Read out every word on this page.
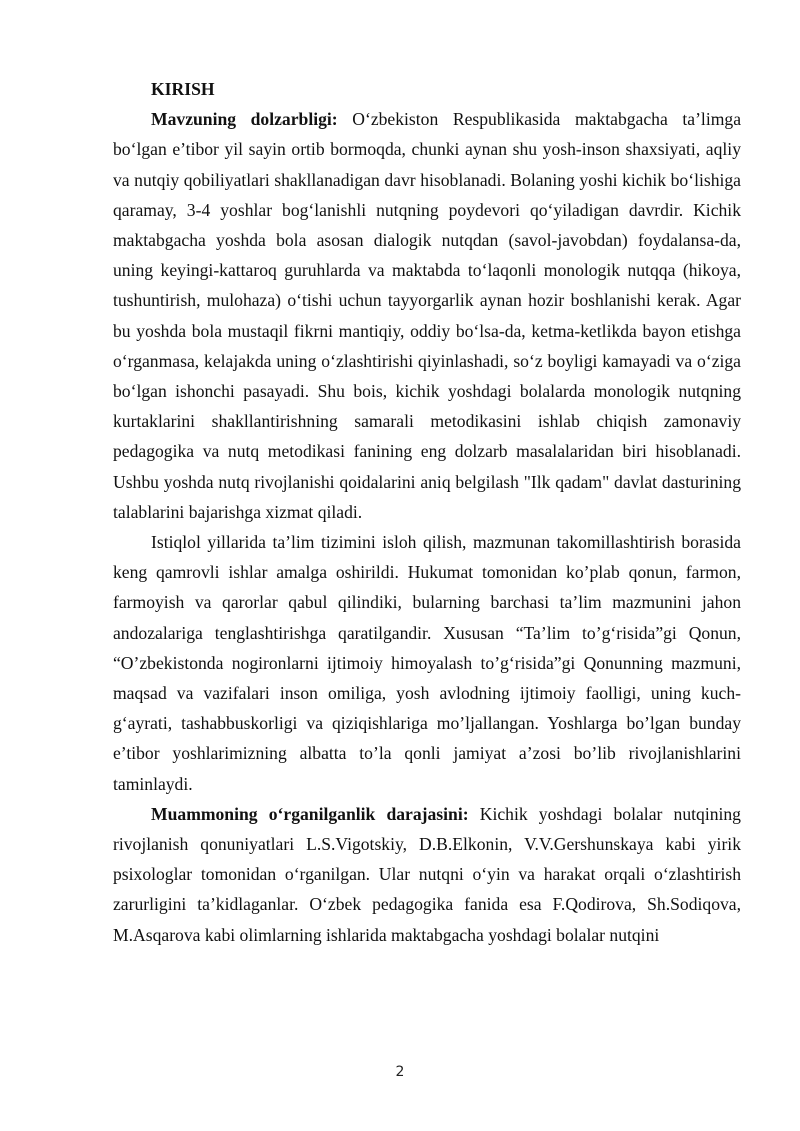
KIRISH

Mavzuning dolzarbligi: O‘zbekiston Respublikasida maktabgacha ta’limga bo‘lgan e’tibor yil sayin ortib bormoqda, chunki aynan shu yosh-inson shaxsiyati, aqliy va nutqiy qobiliyatlari shakllanadigan davr hisoblanadi. Bolaning yoshi kichik bo‘lishiga qaramay, 3-4 yoshlar bog‘lanishli nutqning poydevori qo‘yiladigan davrdir. Kichik maktabgacha yoshda bola asosan dialogik nutqdan (savol-javobdan) foydalansa-da, uning keyingi-kattaroq guruhlarda va maktabda to‘laqonli monologik nutqqa (hikoya, tushuntirish, mulohaza) o‘tishi uchun tayyorgarlik aynan hozir boshlanishi kerak. Agar bu yoshda bola mustaqil fikrni mantiqiy, oddiy bo‘lsa-da, ketma-ketlikda bayon etishga o‘rganmasa, kelajakda uning o‘zlashtirishi qiyinlashadi, so‘z boyligi kamayadi va o‘ziga bo‘lgan ishonchi pasayadi. Shu bois, kichik yoshdagi bolalarda monologik nutqning kurtaklarini shakllantirishning samarali metodikasini ishlab chiqish zamonaviy pedagogika va nutq metodikasi fanining eng dolzarb masalalaridan biri hisoblanadi. Ushbu yoshda nutq rivojlanishi qoidalarini aniq belgilash "Ilk qadam" davlat dasturining talablarini bajarishga xizmat qiladi.

Istiqlol yillarida ta’lim tizimini isloh qilish, mazmunan takomillashtirish borasida keng qamrovli ishlar amalga oshirildi. Hukumat tomonidan ko’plab qonun, farmon, farmoyish va qarorlar qabul qilindiki, bularning barchasi ta’lim mazmunini jahon andozalariga tenglashtirishga qaratilgandir. Xususan “Ta’lim to’g‘risida”gi Qonun, “O’zbekistonda nogironlarni ijtimoiy himoyalash to’g‘risida”gi Qonunning mazmuni, maqsad va vazifalari inson omiliga, yosh avlodning ijtimoiy faolligi, uning kuch-g‘ayrati, tashabbuskorligi va qiziqishlariga mo’ljallangan. Yoshlarga bo’lgan bunday e’tibor yoshlarimizning albatta to’la qonli jamiyat a’zosi bo’lib rivojlanishlarini taminlaydi.

Muammoning o‘rganilganlik darajasini: Kichik yoshdagi bolalar nutqining rivojlanish qonuniyatlari L.S.Vigotskiy, D.B.Elkonin, V.V.Gershunskaya kabi yirik psixologlar tomonidan o‘rganilgan. Ular nutqni o‘yin va harakat orqali o‘zlashtirish zarurligini ta’kidlaganlar. O‘zbek pedagogika fanida esa F.Qodirova, Sh.Sodiqova, M.Asqarova kabi olimlarning ishlarida maktabgacha yoshdagi bolalar nutqini

2
